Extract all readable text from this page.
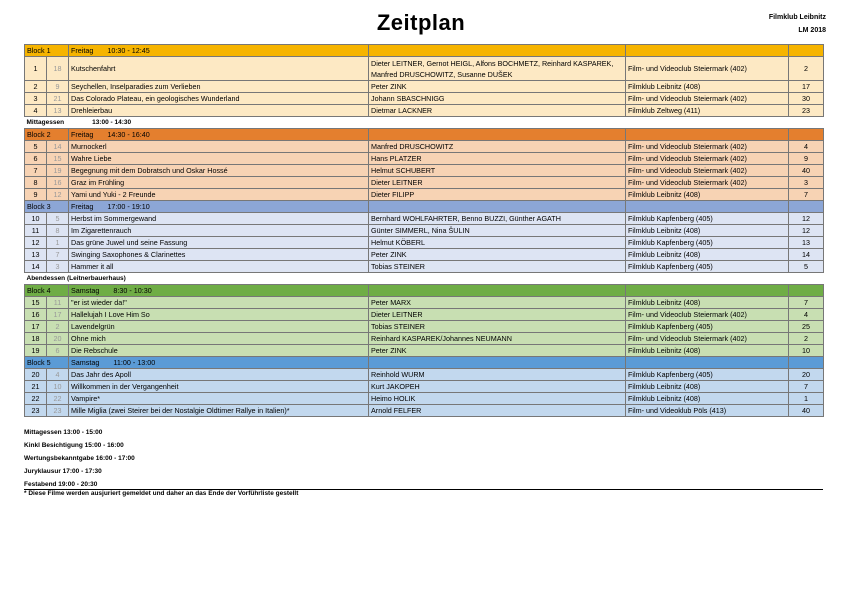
Zeitplan	Filmklub Leibnitz
LM 2018
Block 1		Freitag 10:30 - 12:45			
1	18	Kutschenfahrt	Dieter LEITNER, Gernot HEIGL, Alfons BOCHMETZ, Reinhard KASPAREK, Manfred DRUSCHOWITZ, Susanne DUŠEK	Film- und Videoclub Steiermark (402)	2
2	9	Seychellen, Inselparadies zum Verlieben	Peter ZINK	Filmklub Leibnitz (408)	17
3	21	Das Colorado Plateau, ein geologisches Wunderland	Johann SBASCHNIGG	Film- und Videoclub Steiermark (402)	30
4	13	Drehleierbau	Dietmar LACKNER	Filmklub Zeltweg (411)	23
Mittagessen 13:00 - 14:30					
Block 2		Freitag 14:30 - 16:40			
5	14	Murnockerl	Manfred DRUSCHOWITZ	Film- und Videoclub Steiermark (402)	4
6	15	Wahre Liebe	Hans PLATZER	Film- und Videoclub Steiermark (402)	9
7	19	Begegnung mit dem Dobratsch und Oskar Hossé	Helmut SCHUBERT	Film- und Videoclub Steiermark (402)	40
8	16	Graz im Frühling	Dieter LEITNER	Film- und Videoclub Steiermark (402)	3
9	12	Yami und Yuki - 2 Freunde	Dieter FILIPP	Filmklub Leibnitz (408)	7
Block 3		Freitag 17:00 - 19:10			
10	5	Herbst im Sommergewand	Bernhard WOHLFAHRTER, Benno BUZZI, Günther AGATH	Filmklub Kapfenberg (405)	12
11	8	Im Zigarettenrauch	Günter SIMMERL, Nina ŠULIN	Filmklub Leibnitz (408)	12
12	1	Das grüne Juwel und seine Fassung	Helmut KÖBERL	Filmklub Kapfenberg (405)	13
13	7	Swinging Saxophones & Clarinettes	Peter ZINK	Filmklub Leibnitz (408)	14
14	3	Hammer it all	Tobias STEINER	Filmklub Kapfenberg (405)	5
Abendessen (Leitnerbauerhaus)					
Block 4		Samstag 8:30 - 10:30			
15	11	"er ist wieder da!"	Peter MARX	Filmklub Leibnitz (408)	7
16	17	Hallelujah I Love Him So	Dieter LEITNER	Film- und Videoclub Steiermark (402)	4
17	2	Lavendelgrün	Tobias STEINER	Filmklub Kapfenberg (405)	25
18	20	Ohne mich	Reinhard KASPAREK/Johannes NEUMANN	Film- und Videoclub Steiermark (402)	2
19	6	Die Rebschule	Peter ZINK	Filmklub Leibnitz (408)	10
Block 5		Samstag 11:00 - 13:00			
20	4	Das Jahr des Apoll	Reinhold WURM	Filmklub Kapfenberg (405)	20
21	10	Willkommen in der Vergangenheit	Kurt JAKOPEH	Filmklub Leibnitz (408)	7
22	22	Vampire*	Heimo HOLIK	Filmklub Leibnitz (408)	1
23	23	Mille Miglia (zwei Steirer bei der Nostalgie Oldtimer Rallye in Italien)*	Arnold FELFER	Film- und Videoklub Pöls (413)	40
Mittagessen 13:00 - 15:00
Kinkl Besichtigung 15:00 - 16:00
Wertungsbekanntgabe 16:00 - 17:00
Juryklausur 17:00 - 17:30
Festabend 19:00 - 20:30
* Diese Filme werden ausjuriert gemeldet und daher an das Ende der Vorführliste gestellt
